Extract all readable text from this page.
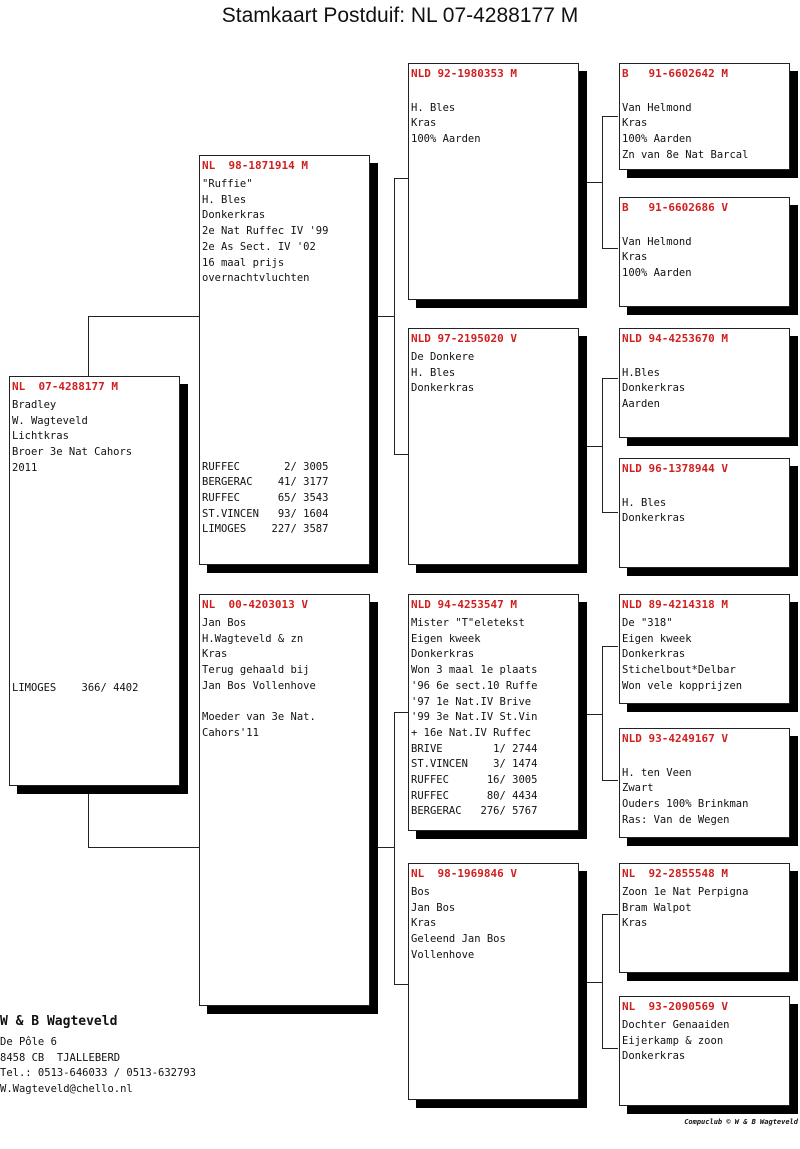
Stamkaart Postduif: NL 07-4288177 M
NL  07-4288177 M
Bradley
W. Wagteveld
Lichtkras
Broer 3e Nat Cahors
2011
LIMOGES    366/ 4402
NL  98-1871914 M
"Ruffie"
H. Bles
Donkerkras
2e Nat Ruffec IV '99
2e As Sect. IV '02
16 maal prijs
overnachtvluchten
RUFFEC       2/ 3005
BERGERAC    41/ 3177
RUFFEC      65/ 3543
ST.VINCEN   93/ 1604
LIMOGES    227/ 3587
NL  00-4203013 V
Jan Bos
H.Wagteveld & zn
Kras
Terug gehaald bij
Jan Bos Vollenhove
Moeder van 3e Nat.
Cahors'11
NLD 92-1980353 M
H. Bles
Kras
100% Aarden
NLD 97-2195020 V
De Donkere
H. Bles
Donkerkras
NLD 94-4253547 M
Mister "T"eletekst
Eigen kweek
Donkerkras
Won 3 maal 1e plaats
'96 6e sect.10 Ruffe
'97 1e Nat.IV Brive
'99 3e Nat.IV St.Vin
+ 16e Nat.IV Ruffec
BRIVE        1/ 2744
ST.VINCEN    3/ 1474
RUFFEC      16/ 3005
RUFFEC      80/ 4434
BERGERAC   276/ 5767
NL  98-1969846 V
Bos
Jan Bos
Kras
Geleend Jan Bos
Vollenhove
B   91-6602642 M
Van Helmond
Kras
100% Aarden
Zn van 8e Nat Barcal
B   91-6602686 V
Van Helmond
Kras
100% Aarden
NLD 94-4253670 M
H.Bles
Donkerkras
Aarden
NLD 96-1378944 V
H. Bles
Donkerkras
NLD 89-4214318 M
De "318"
Eigen kweek
Donkerkras
Stichelbout*Delbar
Won vele kopprijzen
NLD 93-4249167 V
H. ten Veen
Zwart
Ouders 100% Brinkman
Ras: Van de Wegen
NL  92-2855548 M
Zoon 1e Nat Perpigna
Bram Walpot
Kras
NL  93-2090569 V
Dochter Genaaiden
Eijerkamp & zoon
Donkerkras
W & B Wagteveld
De Pôle 6
8458 CB  TJALLEBERD
Tel.: 0513-646033 / 0513-632793
W.Wagteveld@chello.nl
Compuclub © W & B Wagteveld
